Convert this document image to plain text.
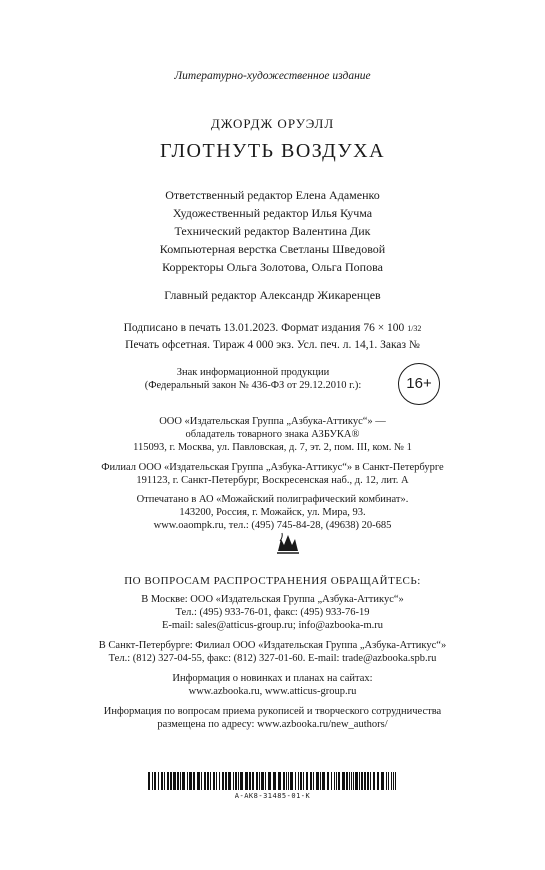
Литературно-художественное издание
ДЖОРДЖ ОРУЭЛЛ
ГЛОТНУТЬ ВОЗДУХА
Ответственный редактор Елена Адаменко
Художественный редактор Илья Кучма
Технический редактор Валентина Дик
Компьютерная верстка Светланы Шведовой
Корректоры Ольга Золотова, Ольга Попова
Главный редактор Александр Жикаренцев
Подписано в печать 13.01.2023. Формат издания 76 × 100 1/32
Печать офсетная. Тираж 4 000 экз. Усл. печ. л. 14,1. Заказ №
Знак информационной продукции
(Федеральный закон № 436-ФЗ от 29.12.2010 г.):	16+
ООО «Издательская Группа „Азбука-Аттикус“» —
обладатель товарного знака АЗБУКА®
115093, г. Москва, ул. Павловская, д. 7, эт. 2, пом. III, ком. № 1
Филиал ООО «Издательская Группа „Азбука-Аттикус“» в Санкт-Петербурге
191123, г. Санкт-Петербург, Воскресенская наб., д. 12, лит. А
Отпечатано в АО «Можайский полиграфический комбинат».
143200, Россия, г. Можайск, ул. Мира, 93.
www.oaompk.ru, тел.: (495) 745-84-28, (49638) 20-685
ПО ВОПРОСАМ РАСПРОСТРАНЕНИЯ ОБРАЩАЙТЕСЬ:
В Москве: ООО «Издательская Группа „Азбука-Аттикус“»
Тел.: (495) 933-76-01, факс: (495) 933-76-19
E-mail: sales@atticus-group.ru; info@azbooka-m.ru
В Санкт-Петербурге: Филиал ООО «Издательская Группа „Азбука-Аттикус“»
Тел.: (812) 327-04-55, факс: (812) 327-01-60. E-mail: trade@azbooka.spb.ru
Информация о новинках и планах на сайтах:
www.azbooka.ru, www.atticus-group.ru
Информация по вопросам приема рукописей и творческого сотрудничества
размещена по адресу: www.azbooka.ru/new_authors/
А-АК8-31485-01-К
